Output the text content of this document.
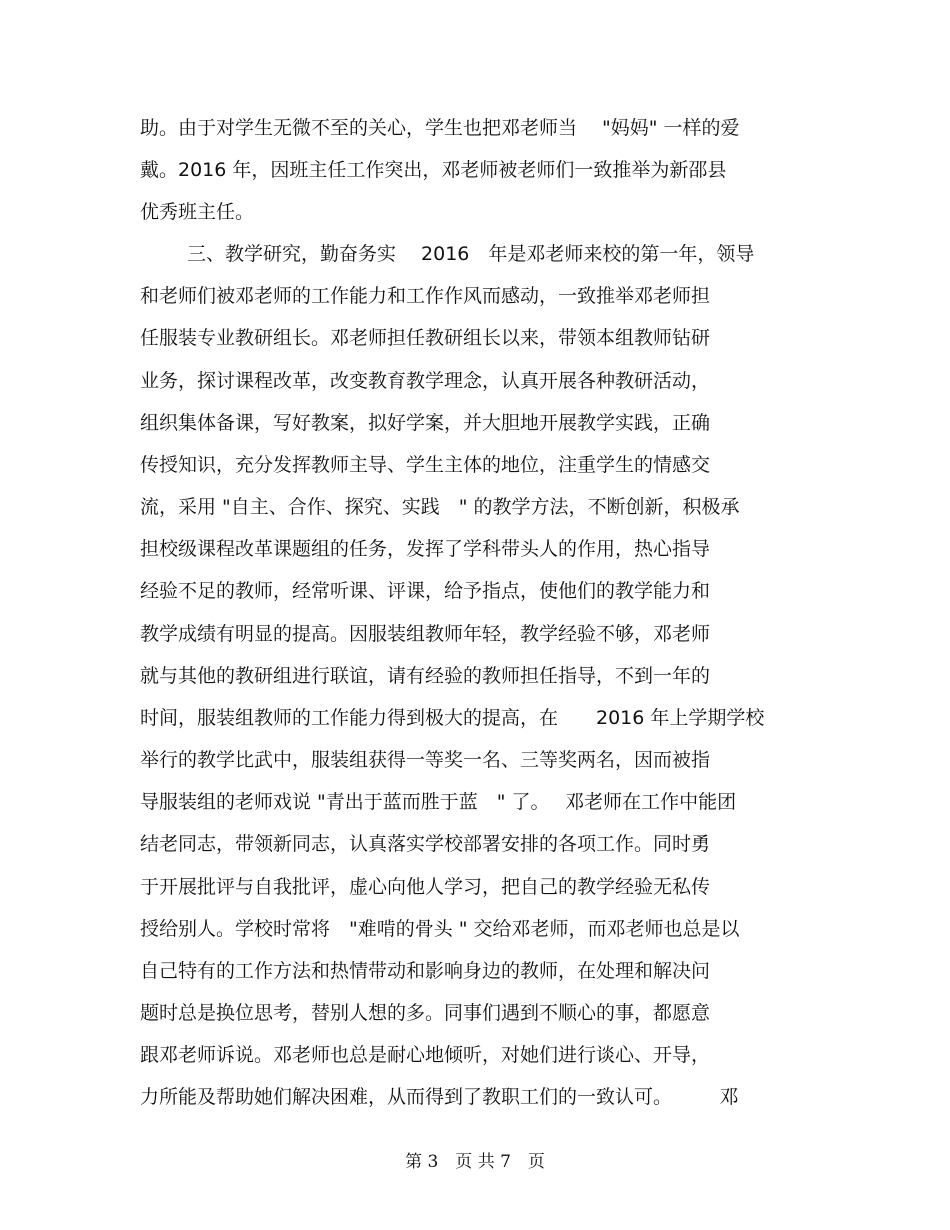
助。由于对学生无微不至的关心，学生也把邓老师当　 "妈妈" 一样的爱
戴。2016 年，因班主任工作突出，邓老师被老师们一致推举为新邵县
优秀班主任。
三、教学研究，勤奋务实　 2016　年是邓老师来校的第一年，领导
和老师们被邓老师的工作能力和工作作风而感动，一致推举邓老师担
任服装专业教研组长。邓老师担任教研组长以来，带领本组教师钻研
业务，探讨课程改革，改变教育教学理念，认真开展各种教研活动，
组织集体备课，写好教案，拟好学案，并大胆地开展教学实践，正确
传授知识，充分发挥教师主导、学生主体的地位，注重学生的情感交
流，采用 "自主、合作、探究、实践　" 的教学方法，不断创新，积极承
担校级课程改革课题组的任务，发挥了学科带头人的作用，热心指导
经验不足的教师，经常听课、评课，给予指点，使他们的教学能力和
教学成绩有明显的提高。因服装组教师年轻，教学经验不够，邓老师
就与其他的教研组进行联谊，请有经验的教师担任指导，不到一年的
时间，服装组教师的工作能力得到极大的提高，在　　2016 年上学期学校
举行的教学比武中，服装组获得一等奖一名、三等奖两名，因而被指
导服装组的老师戏说 "青出于蓝而胜于蓝　" 了。　 邓老师在工作中能团
结老同志，带领新同志，认真落实学校部署安排的各项工作。同时勇
于开展批评与自我批评，虚心向他人学习，把自己的教学经验无私传
授给别人。学校时常将　"难啃的骨头 " 交给邓老师，而邓老师也总是以
自己特有的工作方法和热情带动和影响身边的教师，在处理和解决问
题时总是换位思考，替别人想的多。同事们遇到不顺心的事，都愿意
跟邓老师诉说。邓老师也总是耐心地倾听，对她们进行谈心、开导，
力所能及帮助她们解决困难，从而得到了教职工们的一致认可。　　　邓
第 3　页 共 7　页
